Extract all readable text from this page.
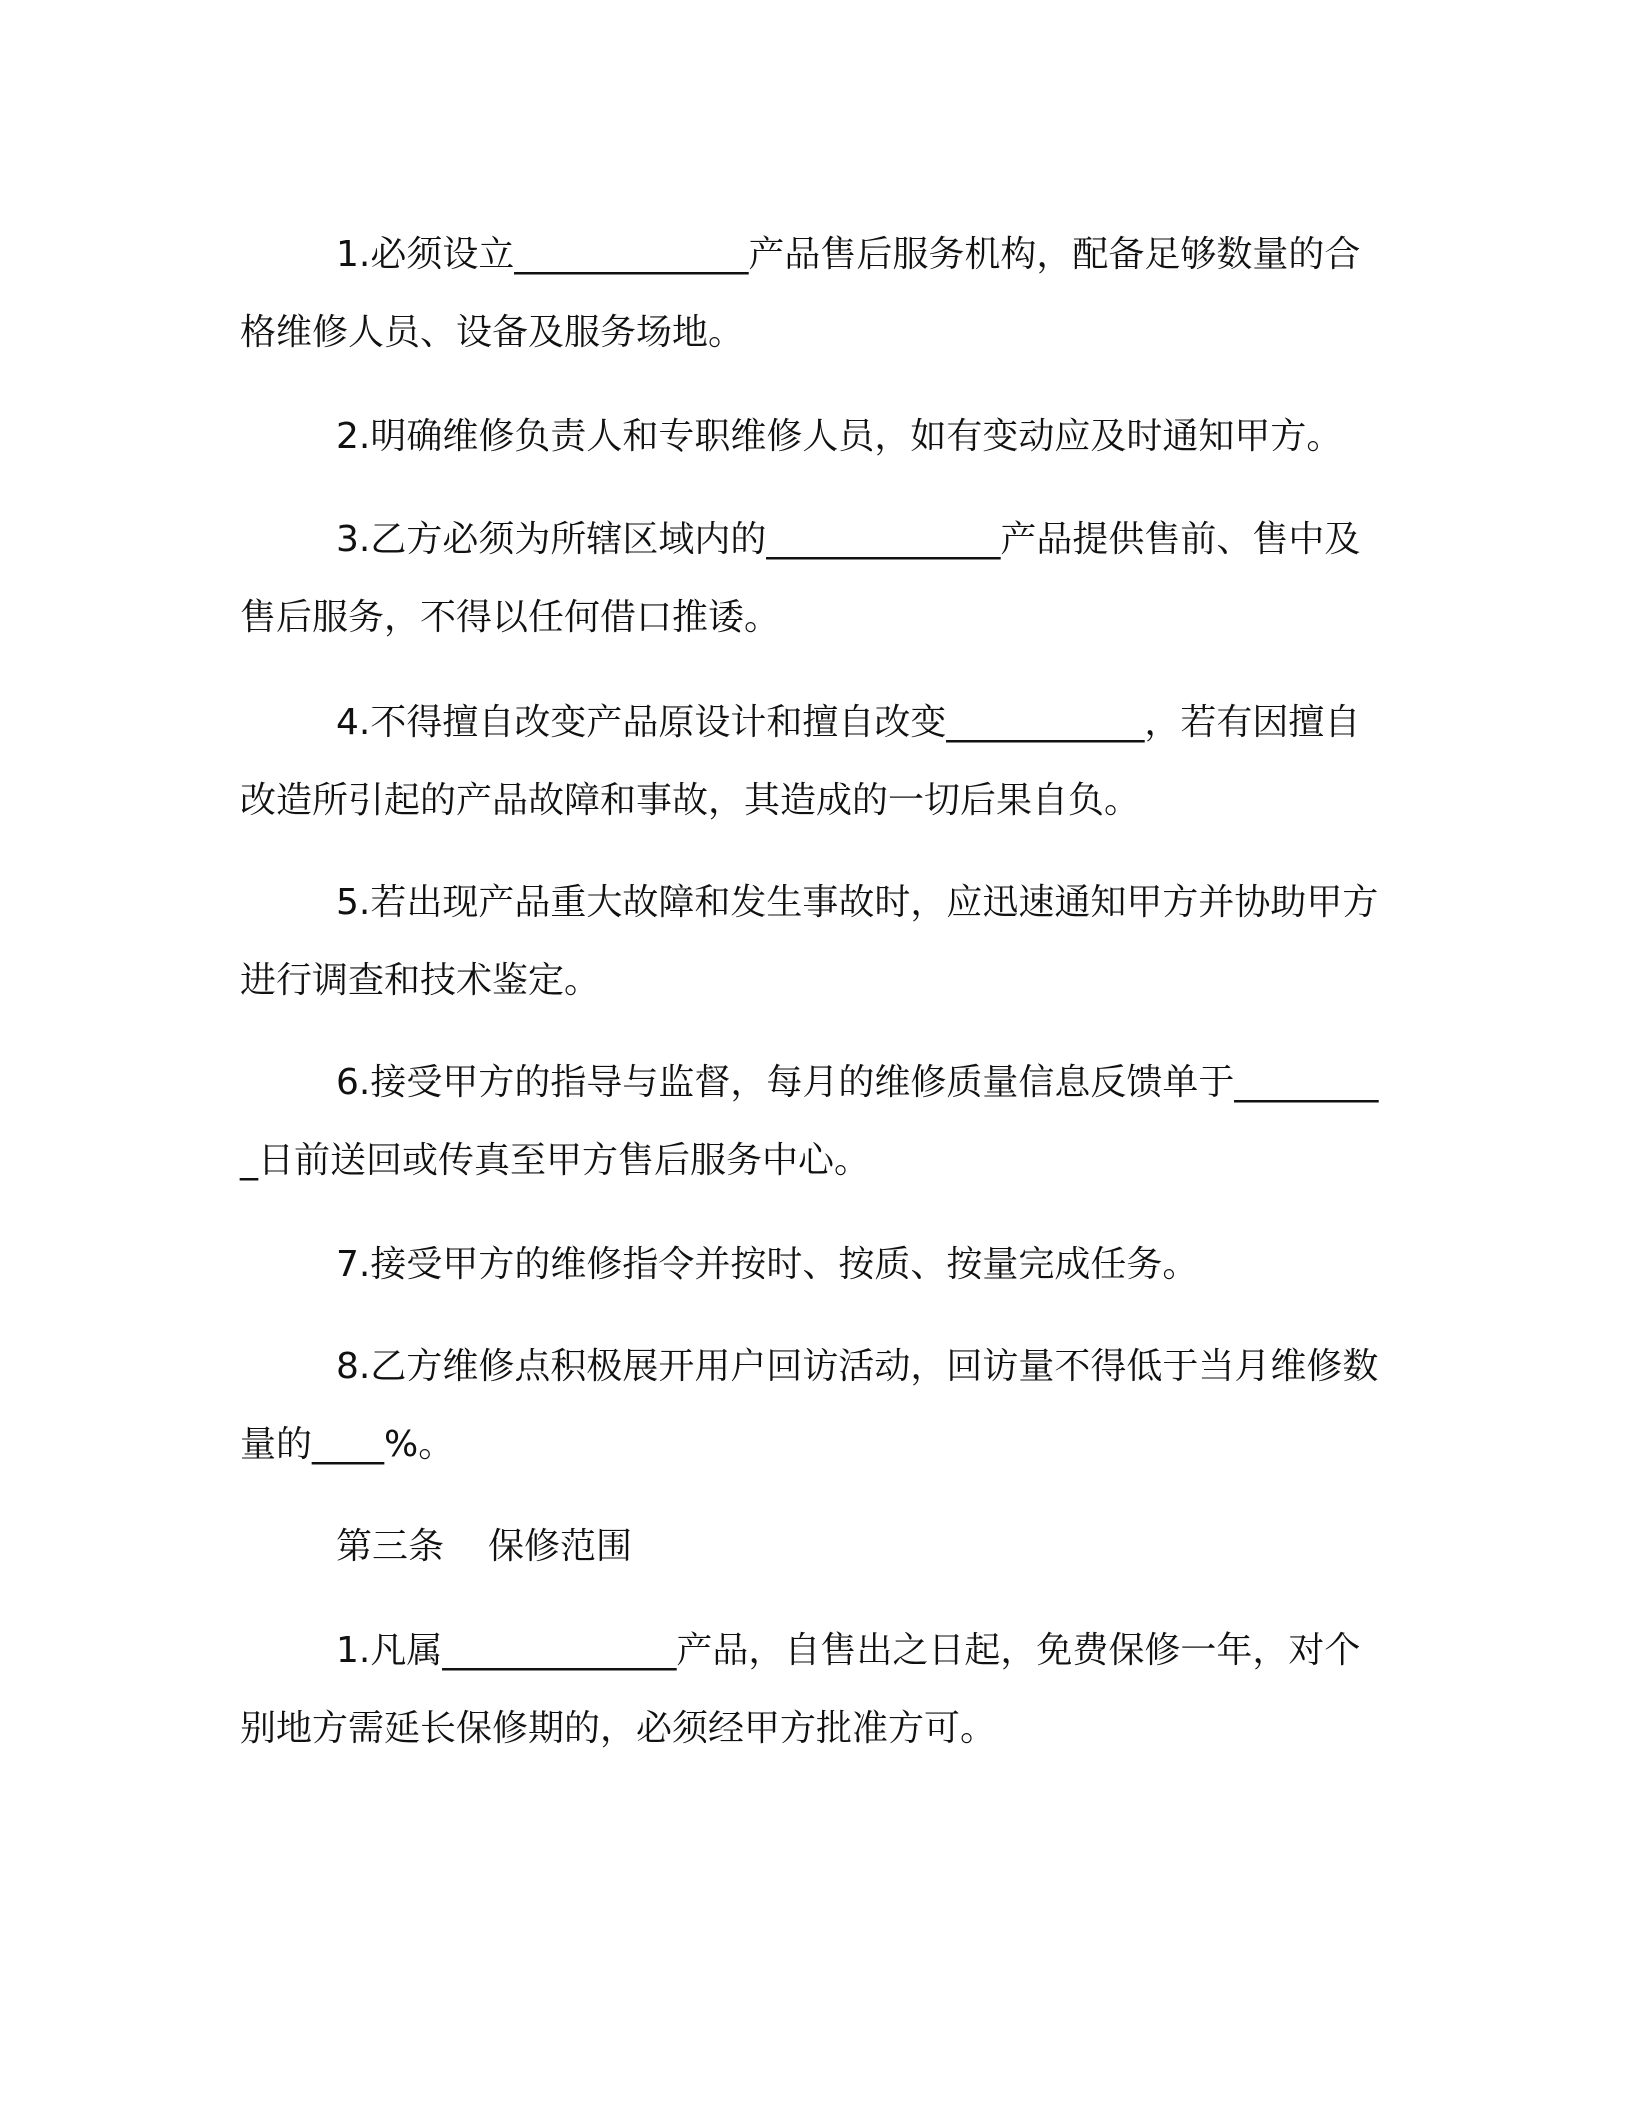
1.必须设立_____________产品售后服务机构，配备足够数量的合格维修人员、设备及服务场地。

2.明确维修负责人和专职维修人员，如有变动应及时通知甲方。

3.乙方必须为所辖区域内的_____________产品提供售前、售中及售后服务，不得以任何借口推诿。

4.不得擅自改变产品原设计和擅自改变___________，若有因擅自改造所引起的产品故障和事故，其造成的一切后果自负。

5.若出现产品重大故障和发生事故时，应迅速通知甲方并协助甲方进行调查和技术鉴定。

6.接受甲方的指导与监督，每月的维修质量信息反馈单于_________日前送回或传真至甲方售后服务中心。

7.接受甲方的维修指令并按时、按质、按量完成任务。

8.乙方维修点积极展开用户回访活动，回访量不得低于当月维修数量的____%。

第三条 保修范围

1.凡属_____________产品，自售出之日起，免费保修一年，对个别地方需延长保修期的，必须经甲方批准方可。
